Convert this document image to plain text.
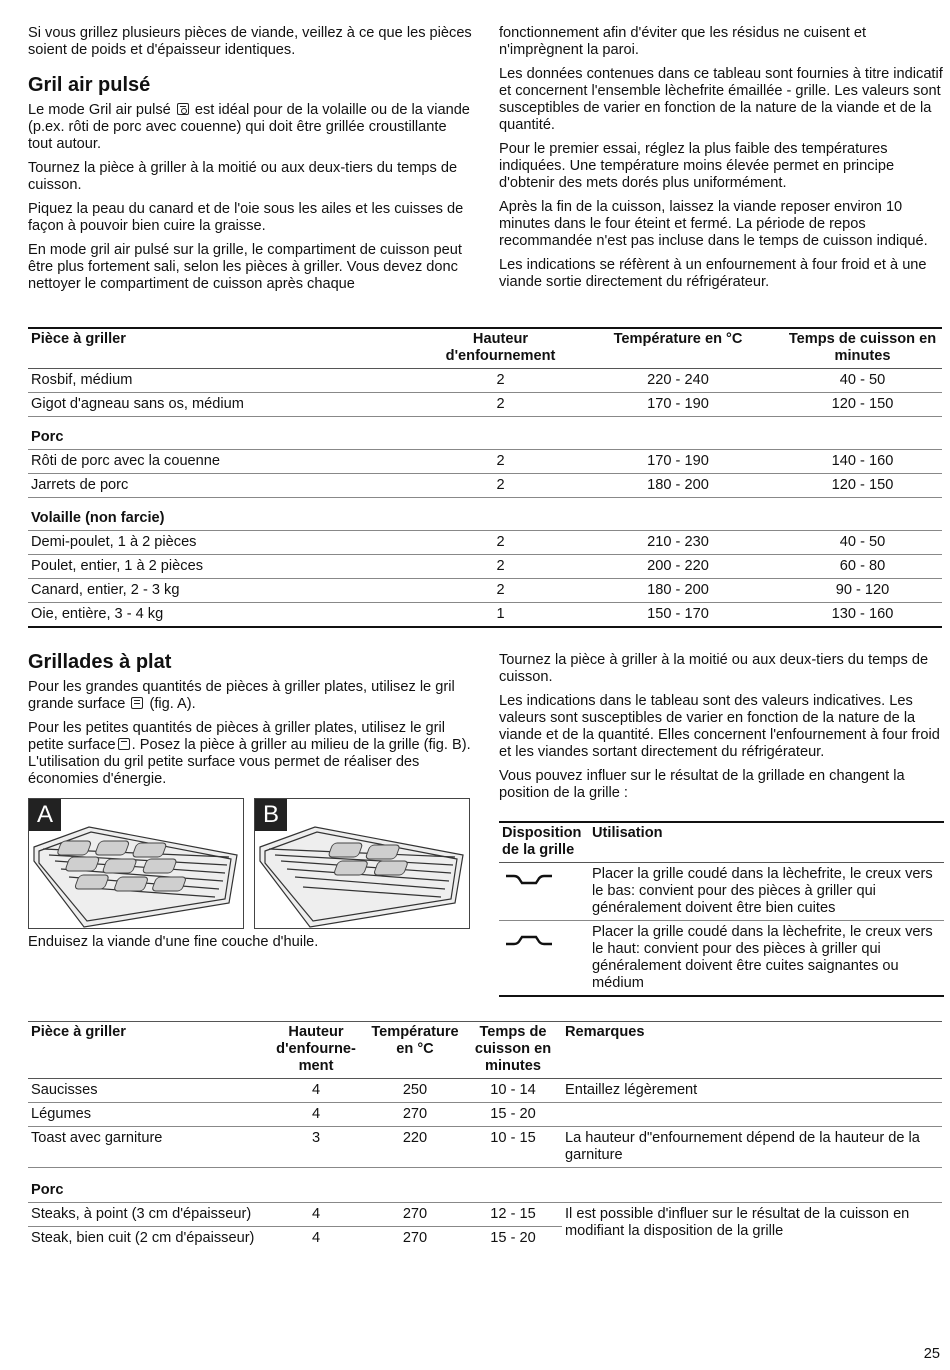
Si vous grillez plusieurs pièces de viande, veillez à ce que les pièces soient de poids et d'épaisseur identiques.

Gril air pulsé

Le mode Gril air pulsé est idéal pour de la volaille ou de la viande (p.ex. rôti de porc avec couenne) qui doit être grillée croustillante tout autour.

Tournez la pièce à griller à la moitié ou aux deux-tiers du temps de cuisson.

Piquez la peau du canard et de l'oie sous les ailes et les cuisses de façon à pouvoir bien cuire la graisse.

En mode gril air pulsé sur la grille, le compartiment de cuisson peut être plus fortement sali, selon les pièces à griller. Vous devez donc nettoyer le compartiment de cuisson après chaque

fonctionnement afin d'éviter que les résidus ne cuisent et n'imprègnent la paroi.

Les données contenues dans ce tableau sont fournies à titre indicatif et concernent l'ensemble lèchefrite émaillée - grille. Les valeurs sont susceptibles de varier en fonction de la nature de la viande et de la quantité.

Pour le premier essai, réglez la plus faible des températures indiquées. Une température moins élevée permet en principe d'obtenir des mets dorés plus uniformément.

Après la fin de la cuisson, laissez la viande reposer environ 10 minutes dans le four éteint et fermé. La période de repos recommandée n'est pas incluse dans le temps de cuisson indiqué.

Les indications se réfèrent à un enfournement à four froid et à une viande sortie directement du réfrigérateur.

Pièce à griller	Hauteur d'enfournement	Température en °C	Temps de cuisson en minutes
Rosbif, médium	2	220 - 240	40 - 50
Gigot d'agneau sans os, médium	2	170 - 190	120 - 150
Porc			
Rôti de porc avec la couenne	2	170 - 190	140 - 160
Jarrets de porc	2	180 - 200	120 - 150
Volaille (non farcie)			
Demi-poulet, 1 à 2 pièces	2	210 - 230	40 - 50
Poulet, entier, 1 à 2 pièces	2	200 - 220	60 - 80
Canard, entier, 2 - 3 kg	2	180 - 200	90 - 120
Oie, entière, 3 - 4 kg	1	150 - 170	130 - 160
Grillades à plat

Pour les grandes quantités de pièces à griller plates, utilisez le gril grande surface (fig. A).

Pour les petites quantités de pièces à griller plates, utilisez le gril petite surface . Posez la pièce à griller au milieu de la grille (fig. B). L'utilisation du gril petite surface vous permet de réaliser des économies d'énergie.

A	B

Enduisez la viande d'une fine couche d'huile.

Tournez la pièce à griller à la moitié ou aux deux-tiers du temps de cuisson.

Les indications dans le tableau sont des valeurs indicatives. Les valeurs sont susceptibles de varier en fonction de la nature de la viande et de la quantité. Elles concernent l'enfournement à four froid et les viandes sortant directement du réfrigérateur.

Vous pouvez influer sur le résultat de la grillade en changent la position de la grille :

Disposition de la grille	Utilisation
	Placer la grille coudé dans la lèchefrite, le creux vers le bas: convient pour des pièces à griller qui généralement doivent être bien cuites
	Placer la grille coudé dans la lèchefrite, le creux vers le haut: convient pour des pièces à griller qui généralement doivent être cuites saignantes ou médium
Pièce à griller	Hauteur d'enfourne-ment	Température en °C	Temps de cuisson en minutes	Remarques
Saucisses	4	250	10 - 14	Entaillez légèrement
Légumes	4	270	15 - 20	
Toast avec garniture	3	220	10 - 15	La hauteur d"enfournement dépend de la hauteur de la garniture
Porc				
Steaks, à point (3 cm d'épaisseur)	4	270	12 - 15	Il est possible d'influer sur le résultat de la cuisson en modifiant la disposition de la grille
Steak, bien cuit (2 cm d'épaisseur)	4	270	15 - 20	
25
